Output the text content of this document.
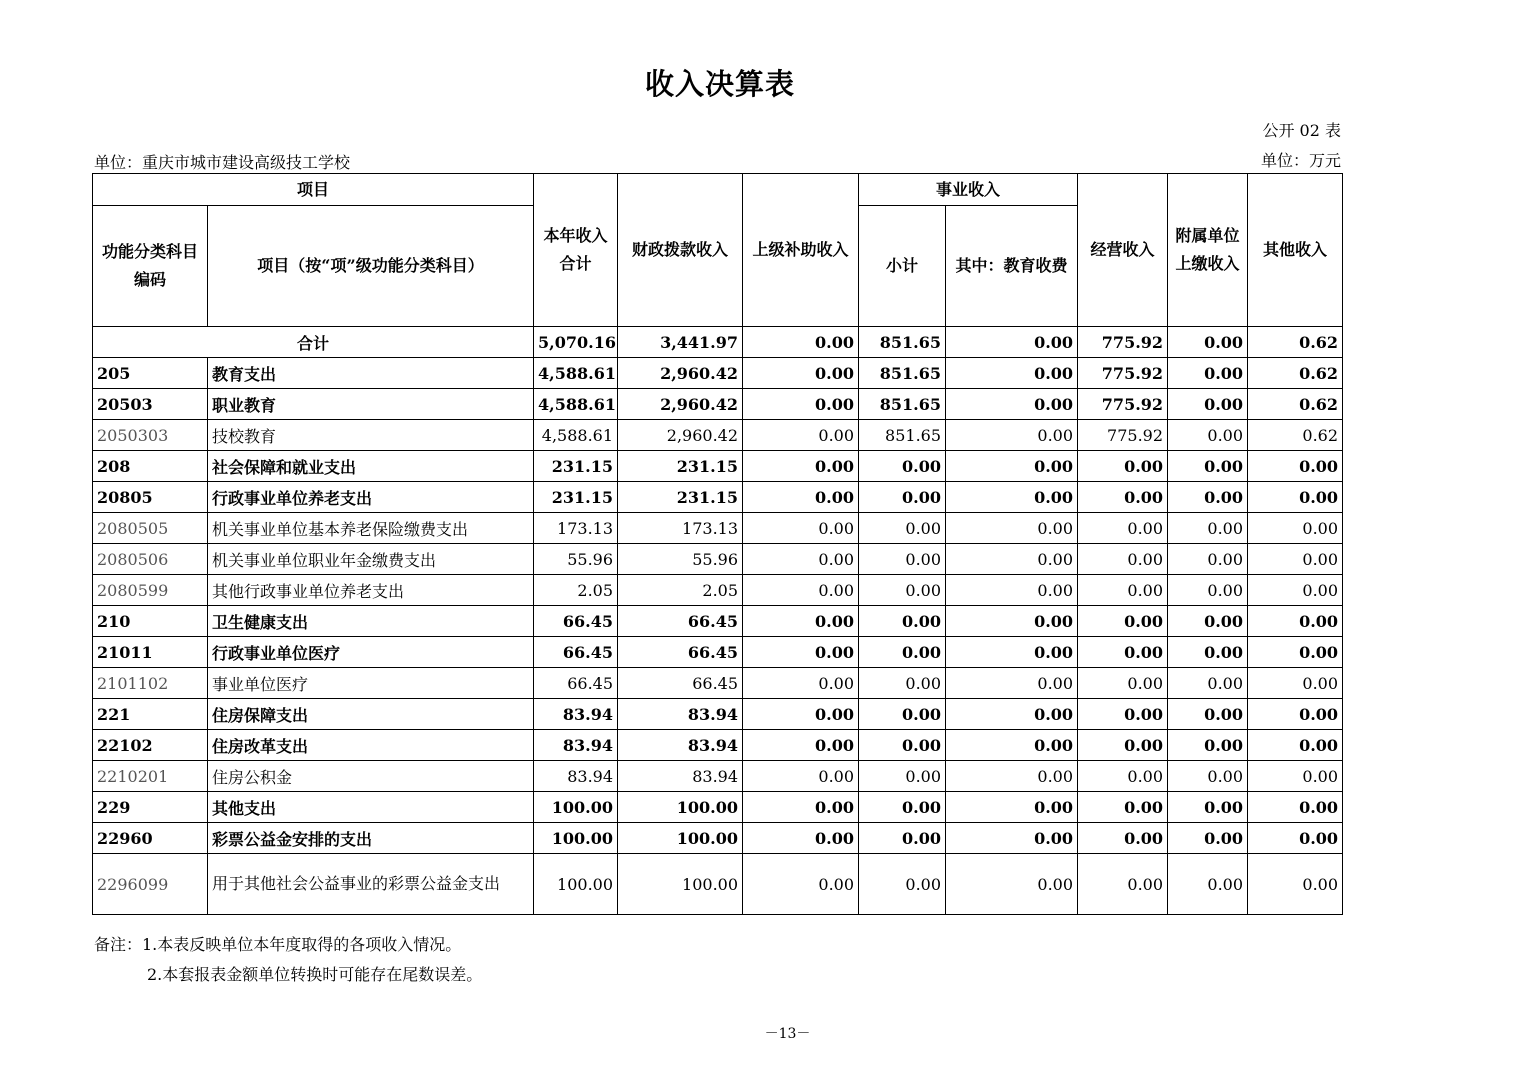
收入决算表
公开 02 表
单位：重庆市城市建设高级技工学校	单位：万元
项目		本年收入合计	财政拨款收入	上级补助收入	事业收入		经营收入	附属单位上缴收入	其他收入
功能分类科目编码	项目（按“项”级功能分类科目）				小计	其中：教育收费			
合计		5,070.16	3,441.97	0.00	851.65	0.00	775.92	0.00	0.62
205	教育支出	4,588.61	2,960.42	0.00	851.65	0.00	775.92	0.00	0.62
20503	职业教育	4,588.61	2,960.42	0.00	851.65	0.00	775.92	0.00	0.62
2050303	技校教育	4,588.61	2,960.42	0.00	851.65	0.00	775.92	0.00	0.62
208	社会保障和就业支出	231.15	231.15	0.00	0.00	0.00	0.00	0.00	0.00
20805	行政事业单位养老支出	231.15	231.15	0.00	0.00	0.00	0.00	0.00	0.00
2080505	机关事业单位基本养老保险缴费支出	173.13	173.13	0.00	0.00	0.00	0.00	0.00	0.00
2080506	机关事业单位职业年金缴费支出	55.96	55.96	0.00	0.00	0.00	0.00	0.00	0.00
2080599	其他行政事业单位养老支出	2.05	2.05	0.00	0.00	0.00	0.00	0.00	0.00
210	卫生健康支出	66.45	66.45	0.00	0.00	0.00	0.00	0.00	0.00
21011	行政事业单位医疗	66.45	66.45	0.00	0.00	0.00	0.00	0.00	0.00
2101102	事业单位医疗	66.45	66.45	0.00	0.00	0.00	0.00	0.00	0.00
221	住房保障支出	83.94	83.94	0.00	0.00	0.00	0.00	0.00	0.00
22102	住房改革支出	83.94	83.94	0.00	0.00	0.00	0.00	0.00	0.00
2210201	住房公积金	83.94	83.94	0.00	0.00	0.00	0.00	0.00	0.00
229	其他支出	100.00	100.00	0.00	0.00	0.00	0.00	0.00	0.00
22960	彩票公益金安排的支出	100.00	100.00	0.00	0.00	0.00	0.00	0.00	0.00
2296099	用于其他社会公益事业的彩票公益金支出	100.00	100.00	0.00	0.00	0.00	0.00	0.00	0.00
备注：1.本表反映单位本年度取得的各项收入情况。
2.本套报表金额单位转换时可能存在尾数误差。
－13－
